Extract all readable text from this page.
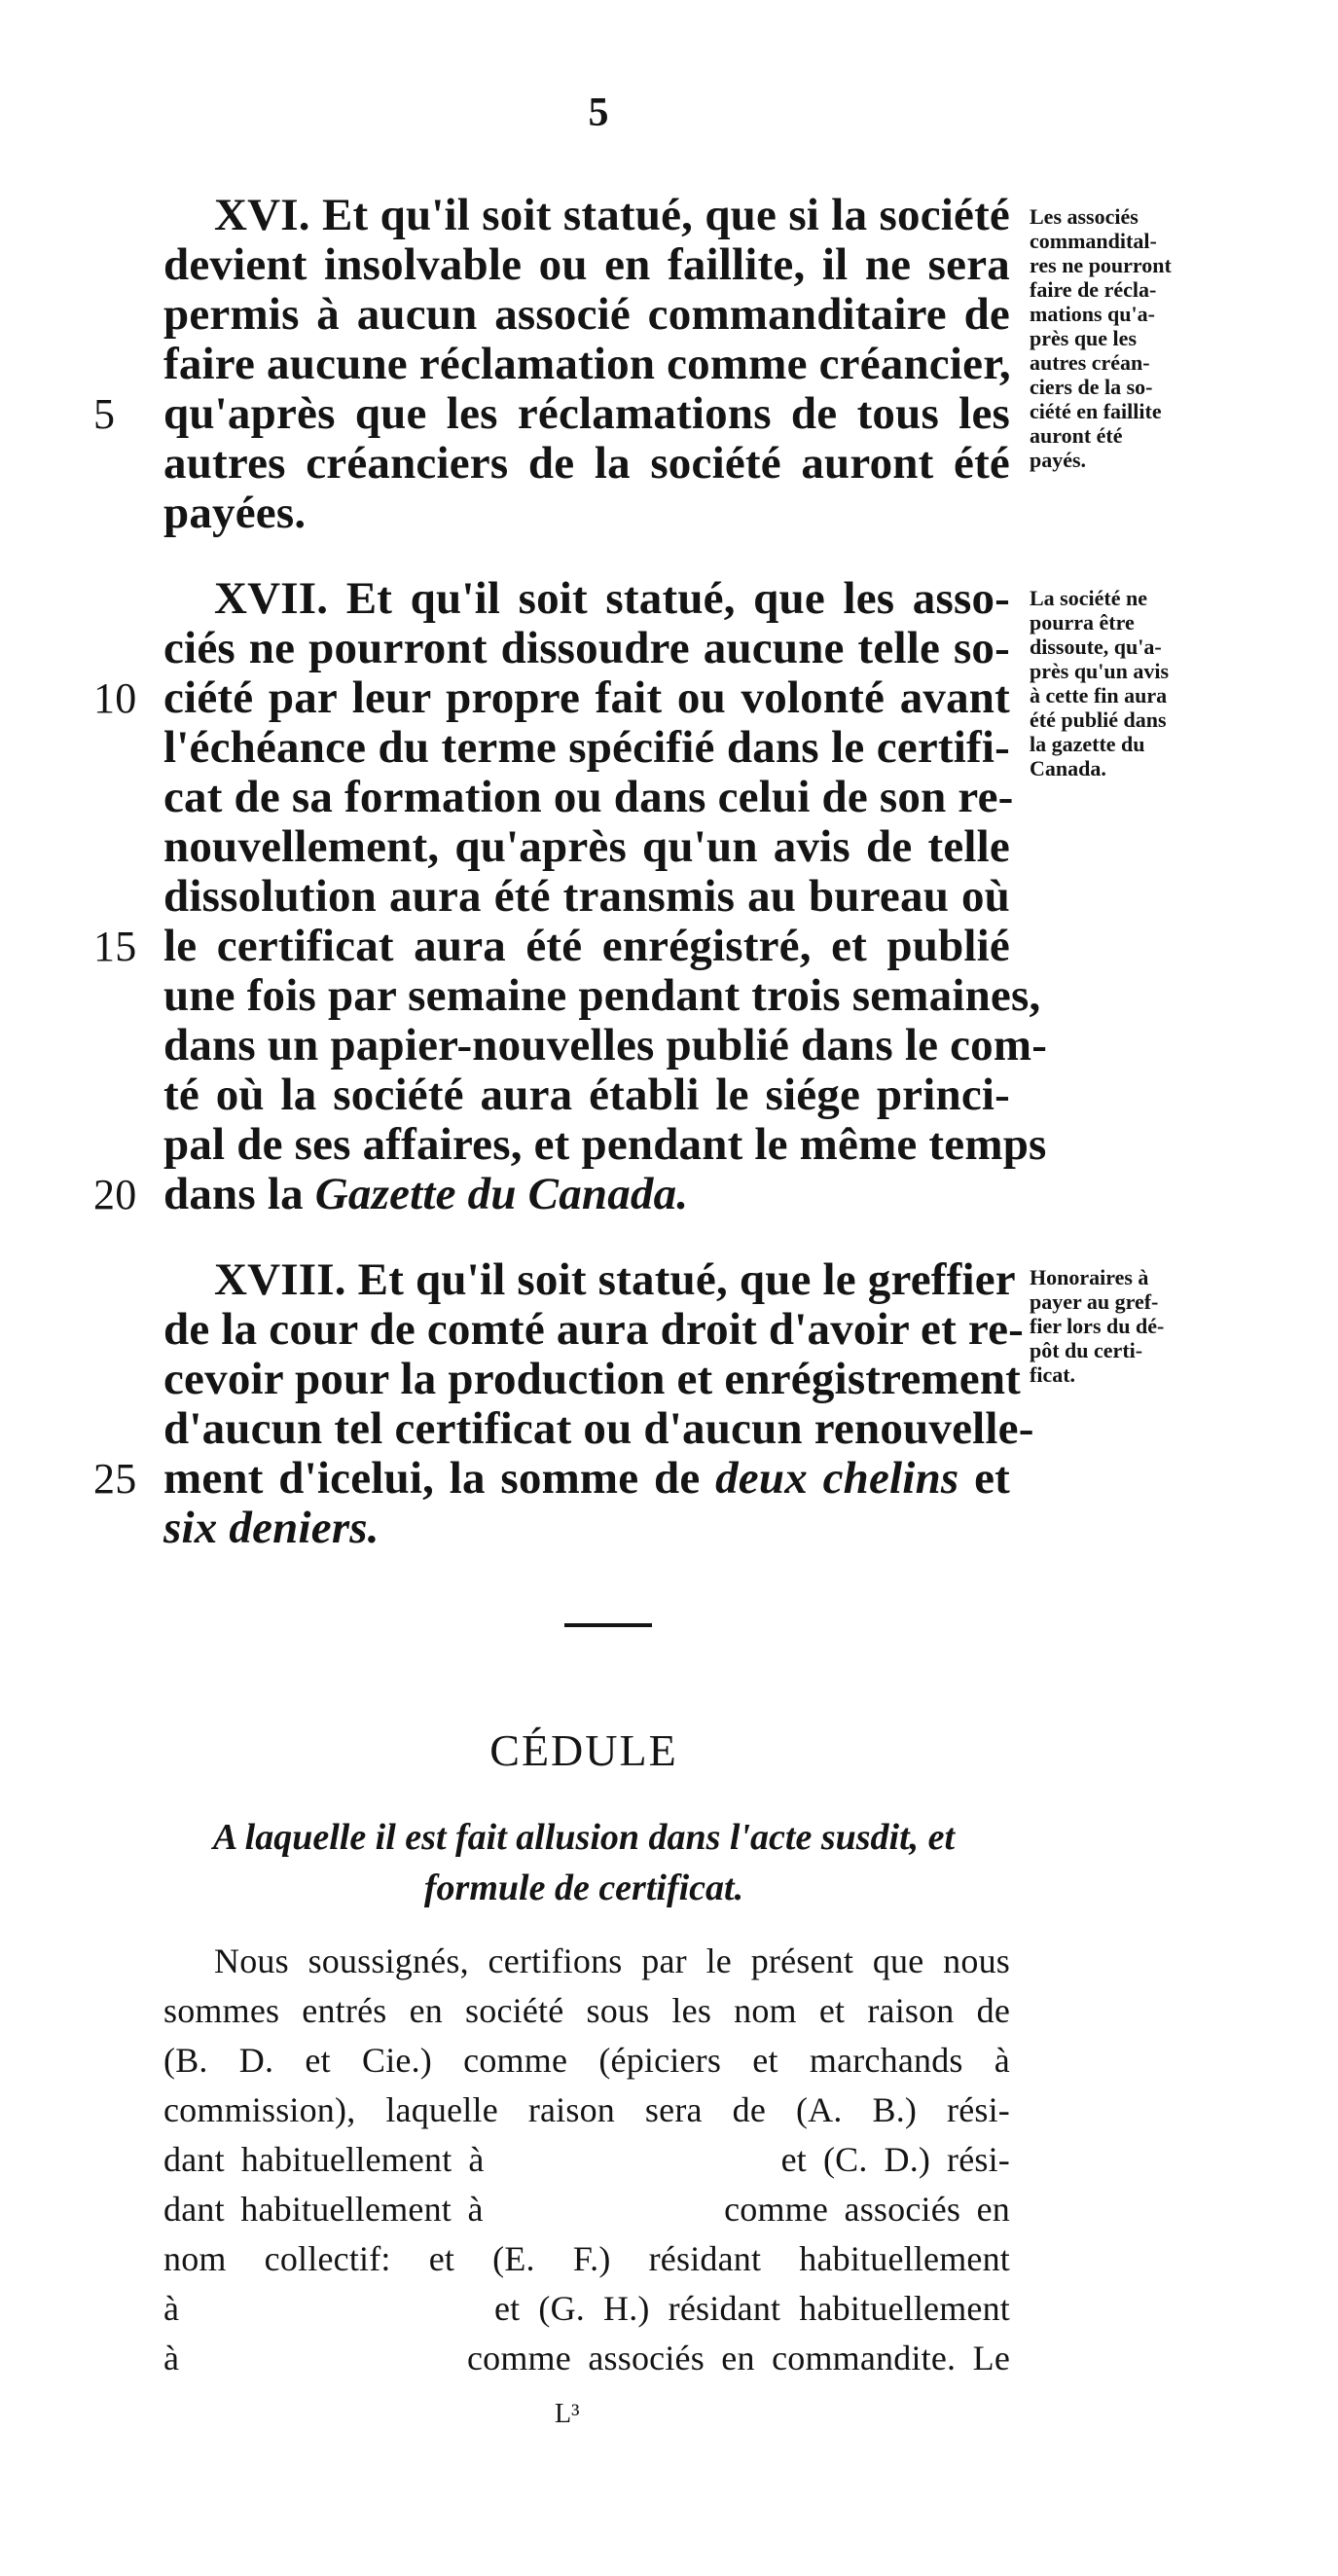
5
XVI. Et qu'il soit statué, que si la société
devient insolvable ou en faillite, il ne sera
permis à aucun associé commanditaire de
faire aucune réclamation comme créancier,
5	qu'après que les réclamations de tous les
autres créanciers de la société auront été
payées.
Les associés
commandital-
res ne pourront
faire de récla-
mations qu'a-
près que les
autres créan-
ciers de la so-
ciété en faillite
auront été
payés.
XVII. Et qu'il soit statué, que les asso-
ciés ne pourront dissoudre aucune telle so-
10 ciété par leur propre fait ou volonté avant
l'échéance du terme spécifié dans le certifi-
cat de sa formation ou dans celui de son re-
nouvellement, qu'après qu'un avis de telle
dissolution aura été transmis au bureau où
15 le certificat aura été enrégistré, et publié
une fois par semaine pendant trois semaines,
dans un papier-nouvelles publié dans le com-
té où la société aura établi le siége princi-
pal de ses affaires, et pendant le même temps
20 dans la Gazette du Canada.
La société ne
pourra être
dissoute, qu'a-
près qu'un avis
à cette fin aura
été publié dans
la gazette du
Canada.
XVIII. Et qu'il soit statué, que le greffier
de la cour de comté aura droit d'avoir et re-
cevoir pour la production et enrégistrement
d'aucun tel certificat ou d'aucun renouvelle-
25 ment d'icelui, la somme de deux chelins et
six deniers.
Honoraires à
payer au gref-
fier lors du dé-
pôt du certi-
ficat.
CÉDULE
A laquelle il est fait allusion dans l'acte susdit, et
formule de certificat.
Nous soussignés, certifions par le présent que nous
sommes entrés en société sous les nom et raison de
(B. D. et Cie.) comme (épiciers et marchands à
commission), laquelle raison sera de (A. B.) rési-
dant habituellement à                  et (C. D.) rési-
dant habituellement à               comme associés en
nom collectif: et (E. F.) résidant habituellement
à                 et (G. H.) résidant habituellement
à                 comme associés en commandite. Le
L³
